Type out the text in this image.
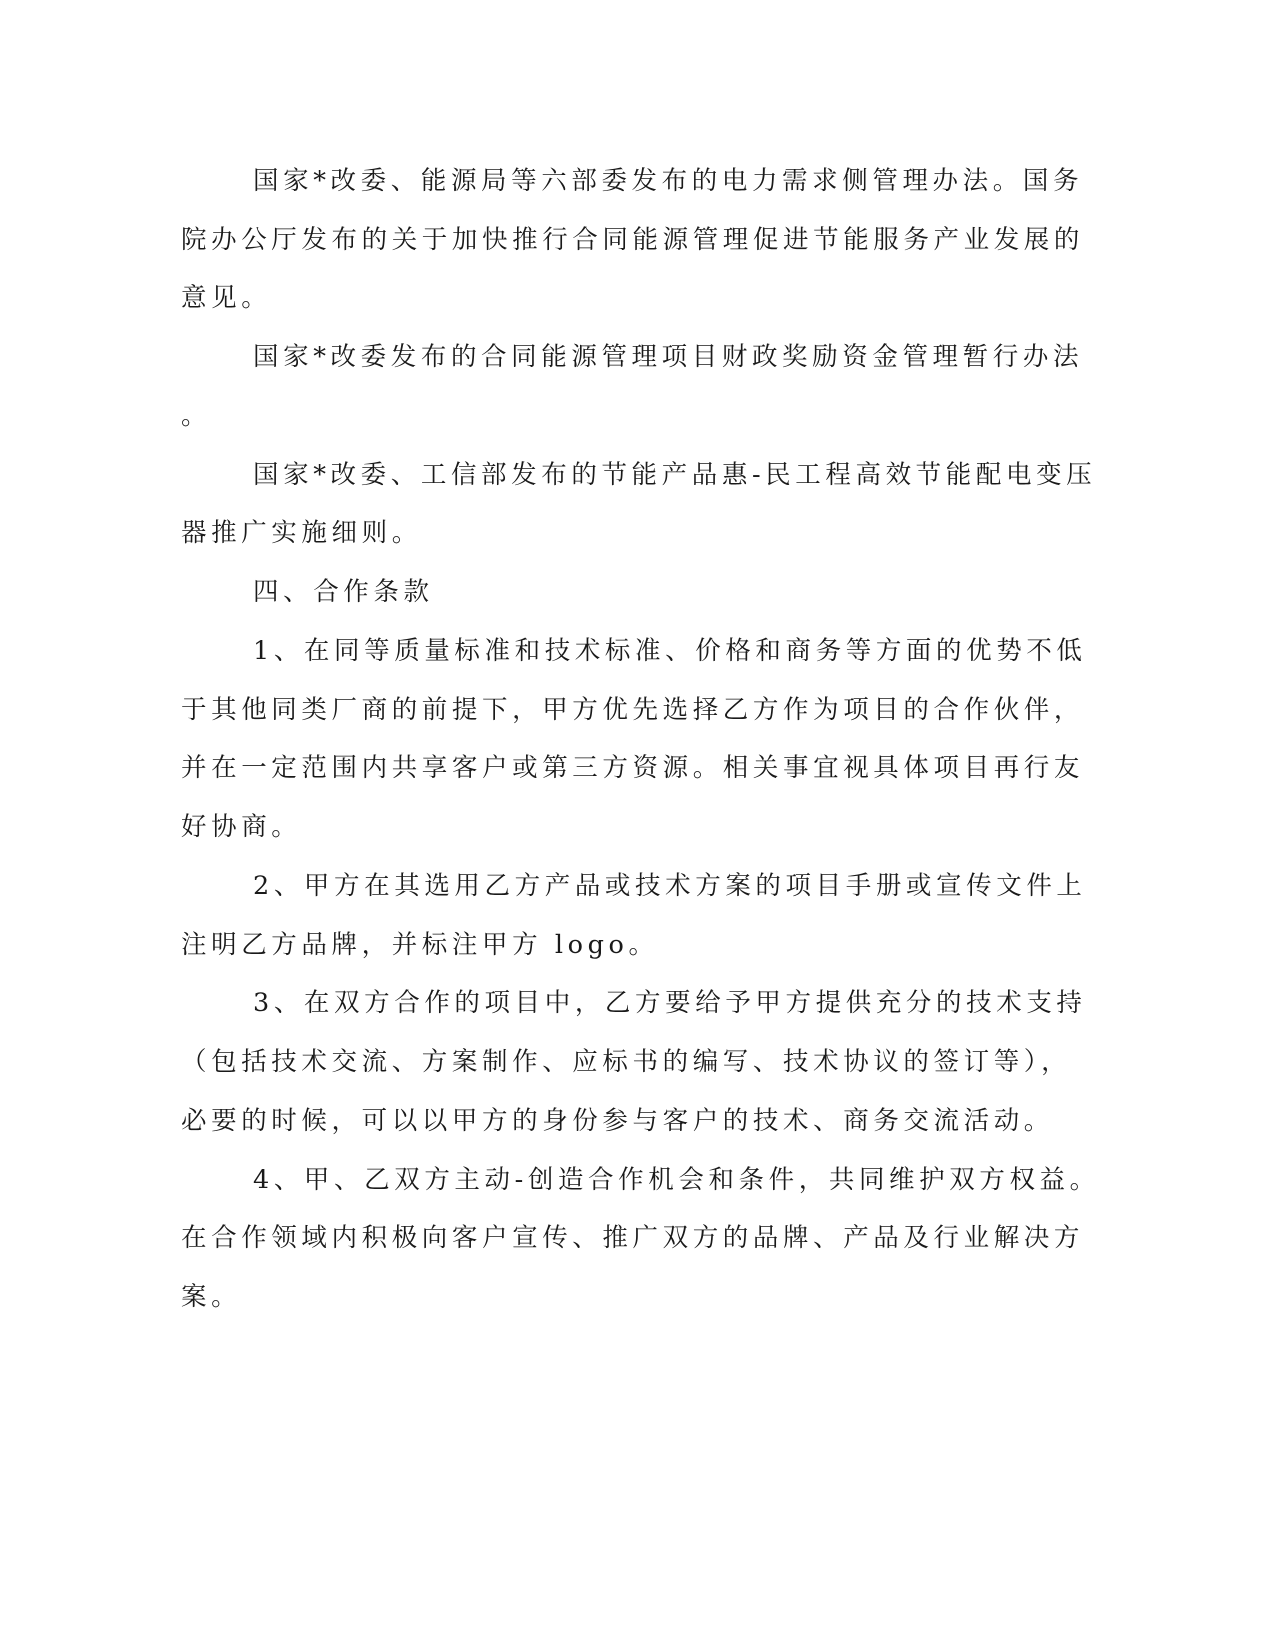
国家*改委、能源局等六部委发布的电力需求侧管理办法。国务
院办公厅发布的关于加快推行合同能源管理促进节能服务产业发展的
意见。
国家*改委发布的合同能源管理项目财政奖励资金管理暂行办法
。
国家*改委、工信部发布的节能产品惠-民工程高效节能配电变压
器推广实施细则。
四、合作条款
1、在同等质量标准和技术标准、价格和商务等方面的优势不低
于其他同类厂商的前提下，甲方优先选择乙方作为项目的合作伙伴，
并在一定范围内共享客户或第三方资源。相关事宜视具体项目再行友
好协商。
2、甲方在其选用乙方产品或技术方案的项目手册或宣传文件上
注明乙方品牌，并标注甲方 logo。
3、在双方合作的项目中，乙方要给予甲方提供充分的技术支持
（包括技术交流、方案制作、应标书的编写、技术协议的签订等），
必要的时候，可以以甲方的身份参与客户的技术、商务交流活动。
4、甲、乙双方主动-创造合作机会和条件，共同维护双方权益。
在合作领域内积极向客户宣传、推广双方的品牌、产品及行业解决方
案。
